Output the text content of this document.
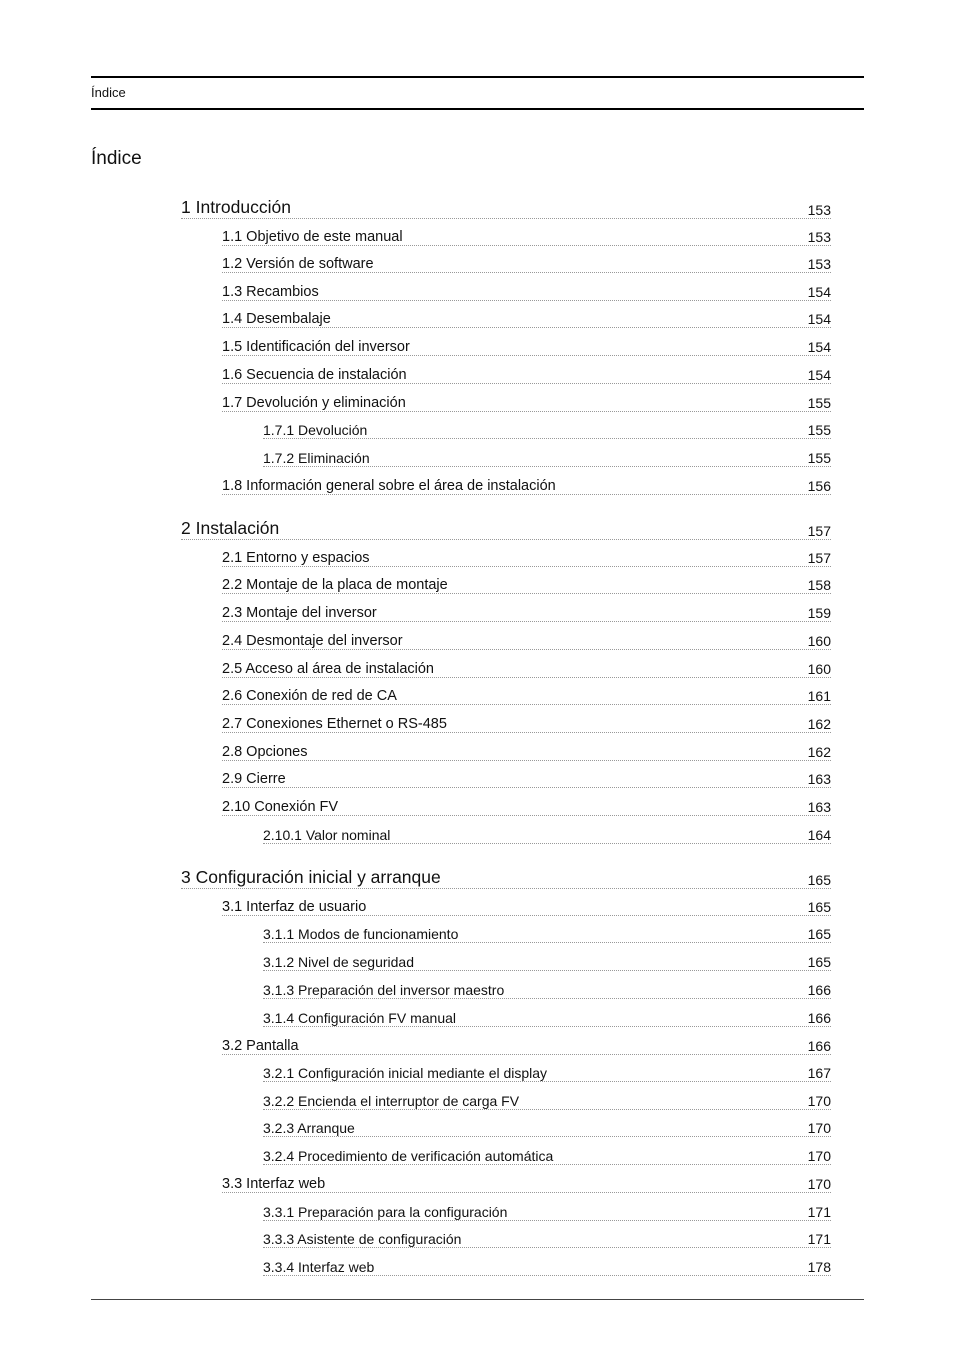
Índice
Índice
1 Introducción	153
1.1 Objetivo de este manual	153
1.2 Versión de software	153
1.3 Recambios	154
1.4 Desembalaje	154
1.5 Identificación del inversor	154
1.6 Secuencia de instalación	154
1.7 Devolución y eliminación	155
1.7.1 Devolución	155
1.7.2 Eliminación	155
1.8 Información general sobre el área de instalación	156
2 Instalación	157
2.1 Entorno y espacios	157
2.2 Montaje de la placa de montaje	158
2.3 Montaje del inversor	159
2.4 Desmontaje del inversor	160
2.5 Acceso al área de instalación	160
2.6 Conexión de red de CA	161
2.7 Conexiones Ethernet o RS-485	162
2.8 Opciones	162
2.9 Cierre	163
2.10 Conexión FV	163
2.10.1 Valor nominal	164
3 Configuración inicial y arranque	165
3.1 Interfaz de usuario	165
3.1.1 Modos de funcionamiento	165
3.1.2 Nivel de seguridad	165
3.1.3 Preparación del inversor maestro	166
3.1.4 Configuración FV manual	166
3.2 Pantalla	166
3.2.1 Configuración inicial mediante el display	167
3.2.2 Encienda el interruptor de carga FV	170
3.2.3 Arranque	170
3.2.4 Procedimiento de verificación automática	170
3.3 Interfaz web	170
3.3.1 Preparación para la configuración	171
3.3.3 Asistente de configuración	171
3.3.4 Interfaz web	178
